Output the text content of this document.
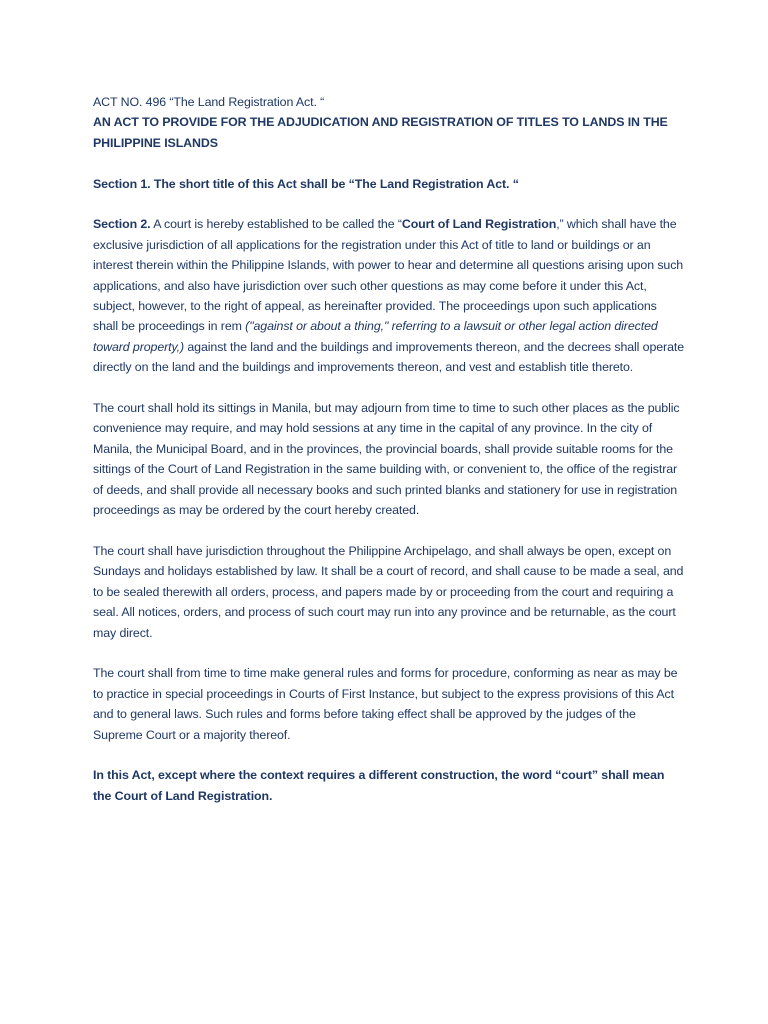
ACT NO. 496 “The Land Registration Act. “

AN ACT TO PROVIDE FOR THE ADJUDICATION AND REGISTRATION OF TITLES TO LANDS IN THE PHILIPPINE ISLANDS

Section 1. The short title of this Act shall be “The Land Registration Act. “

Section 2. A court is hereby established to be called the “Court of Land Registration,” which shall have the exclusive jurisdiction of all applications for the registration under this Act of title to land or buildings or an interest therein within the Philippine Islands, with power to hear and determine all questions arising upon such applications, and also have jurisdiction over such other questions as may come before it under this Act, subject, however, to the right of appeal, as hereinafter provided. The proceedings upon such applications shall be proceedings in rem ("against or about a thing," referring to a lawsuit or other legal action directed toward property,) against the land and the buildings and improvements thereon, and the decrees shall operate directly on the land and the buildings and improvements thereon, and vest and establish title thereto.

The court shall hold its sittings in Manila, but may adjourn from time to time to such other places as the public convenience may require, and may hold sessions at any time in the capital of any province. In the city of Manila, the Municipal Board, and in the provinces, the provincial boards, shall provide suitable rooms for the sittings of the Court of Land Registration in the same building with, or convenient to, the office of the registrar of deeds, and shall provide all necessary books and such printed blanks and stationery for use in registration proceedings as may be ordered by the court hereby created.

The court shall have jurisdiction throughout the Philippine Archipelago, and shall always be open, except on Sundays and holidays established by law. It shall be a court of record, and shall cause to be made a seal, and to be sealed therewith all orders, process, and papers made by or proceeding from the court and requiring a seal. All notices, orders, and process of such court may run into any province and be returnable, as the court may direct.

The court shall from time to time make general rules and forms for procedure, conforming as near as may be to practice in special proceedings in Courts of First Instance, but subject to the express provisions of this Act and to general laws. Such rules and forms before taking effect shall be approved by the judges of the Supreme Court or a majority thereof.

In this Act, except where the context requires a different construction, the word “court” shall mean the Court of Land Registration.
